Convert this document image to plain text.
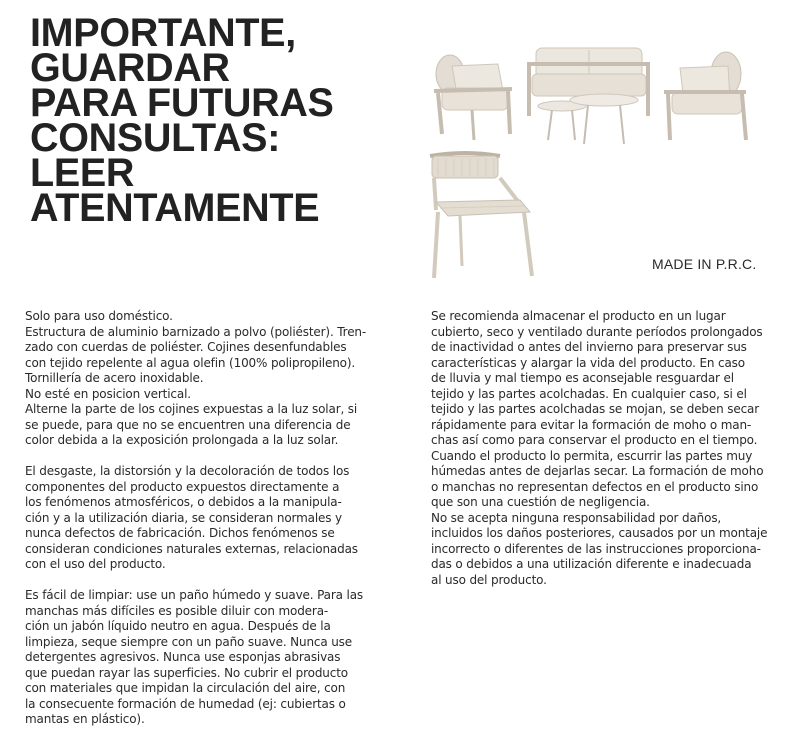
IMPORTANTE,
GUARDAR
PARA FUTURAS
CONSULTAS:
LEER
ATENTAMENTE
MADE IN P.R.C.

Solo para uso doméstico.
Estructura de aluminio barnizado a polvo (poliéster). Tren-
zado con cuerdas de poliéster. Cojines desenfundables
con tejido repelente al agua olefin (100% polipropileno).
Tornillería de acero inoxidable.
No esté en posicion vertical.
Alterne la parte de los cojines expuestas a la luz solar, si
se puede, para que no se encuentren una diferencia de
color debida a la exposición prolongada a la luz solar.

El desgaste, la distorsión y la decoloración de todos los
componentes del producto expuestos directamente a
los fenómenos atmosféricos, o debidos a la manipula-
ción y a la utilización diaria, se consideran normales y
nunca defectos de fabricación. Dichos fenómenos se
consideran condiciones naturales externas, relacionadas
con el uso del producto.

Es fácil de limpiar: use un paño húmedo y suave. Para las
manchas más difíciles es posible diluir con modera-
ción un jabón líquido neutro en agua. Después de la
limpieza, seque siempre con un paño suave. Nunca use
detergentes agresivos. Nunca use esponjas abrasivas
que puedan rayar las superficies. No cubrir el producto
con materiales que impidan la circulación del aire, con
la consecuente formación de humedad (ej: cubiertas o
mantas en plástico).

Se recomienda almacenar el producto en un lugar
cubierto, seco y ventilado durante períodos prolongados
de inactividad o antes del invierno para preservar sus
características y alargar la vida del producto. En caso
de lluvia y mal tiempo es aconsejable resguardar el
tejido y las partes acolchadas. En cualquier caso, si el
tejido y las partes acolchadas se mojan, se deben secar
rápidamente para evitar la formación de moho o man-
chas así como para conservar el producto en el tiempo.
Cuando el producto lo permita, escurrir las partes muy
húmedas antes de dejarlas secar. La formación de moho
o manchas no representan defectos en el producto sino
que son una cuestión de negligencia.
No se acepta ninguna responsabilidad por daños,
incluidos los daños posteriores, causados por un montaje
incorrecto o diferentes de las instrucciones proporciona-
das o debidos a una utilización diferente e inadecuada
al uso del producto.
